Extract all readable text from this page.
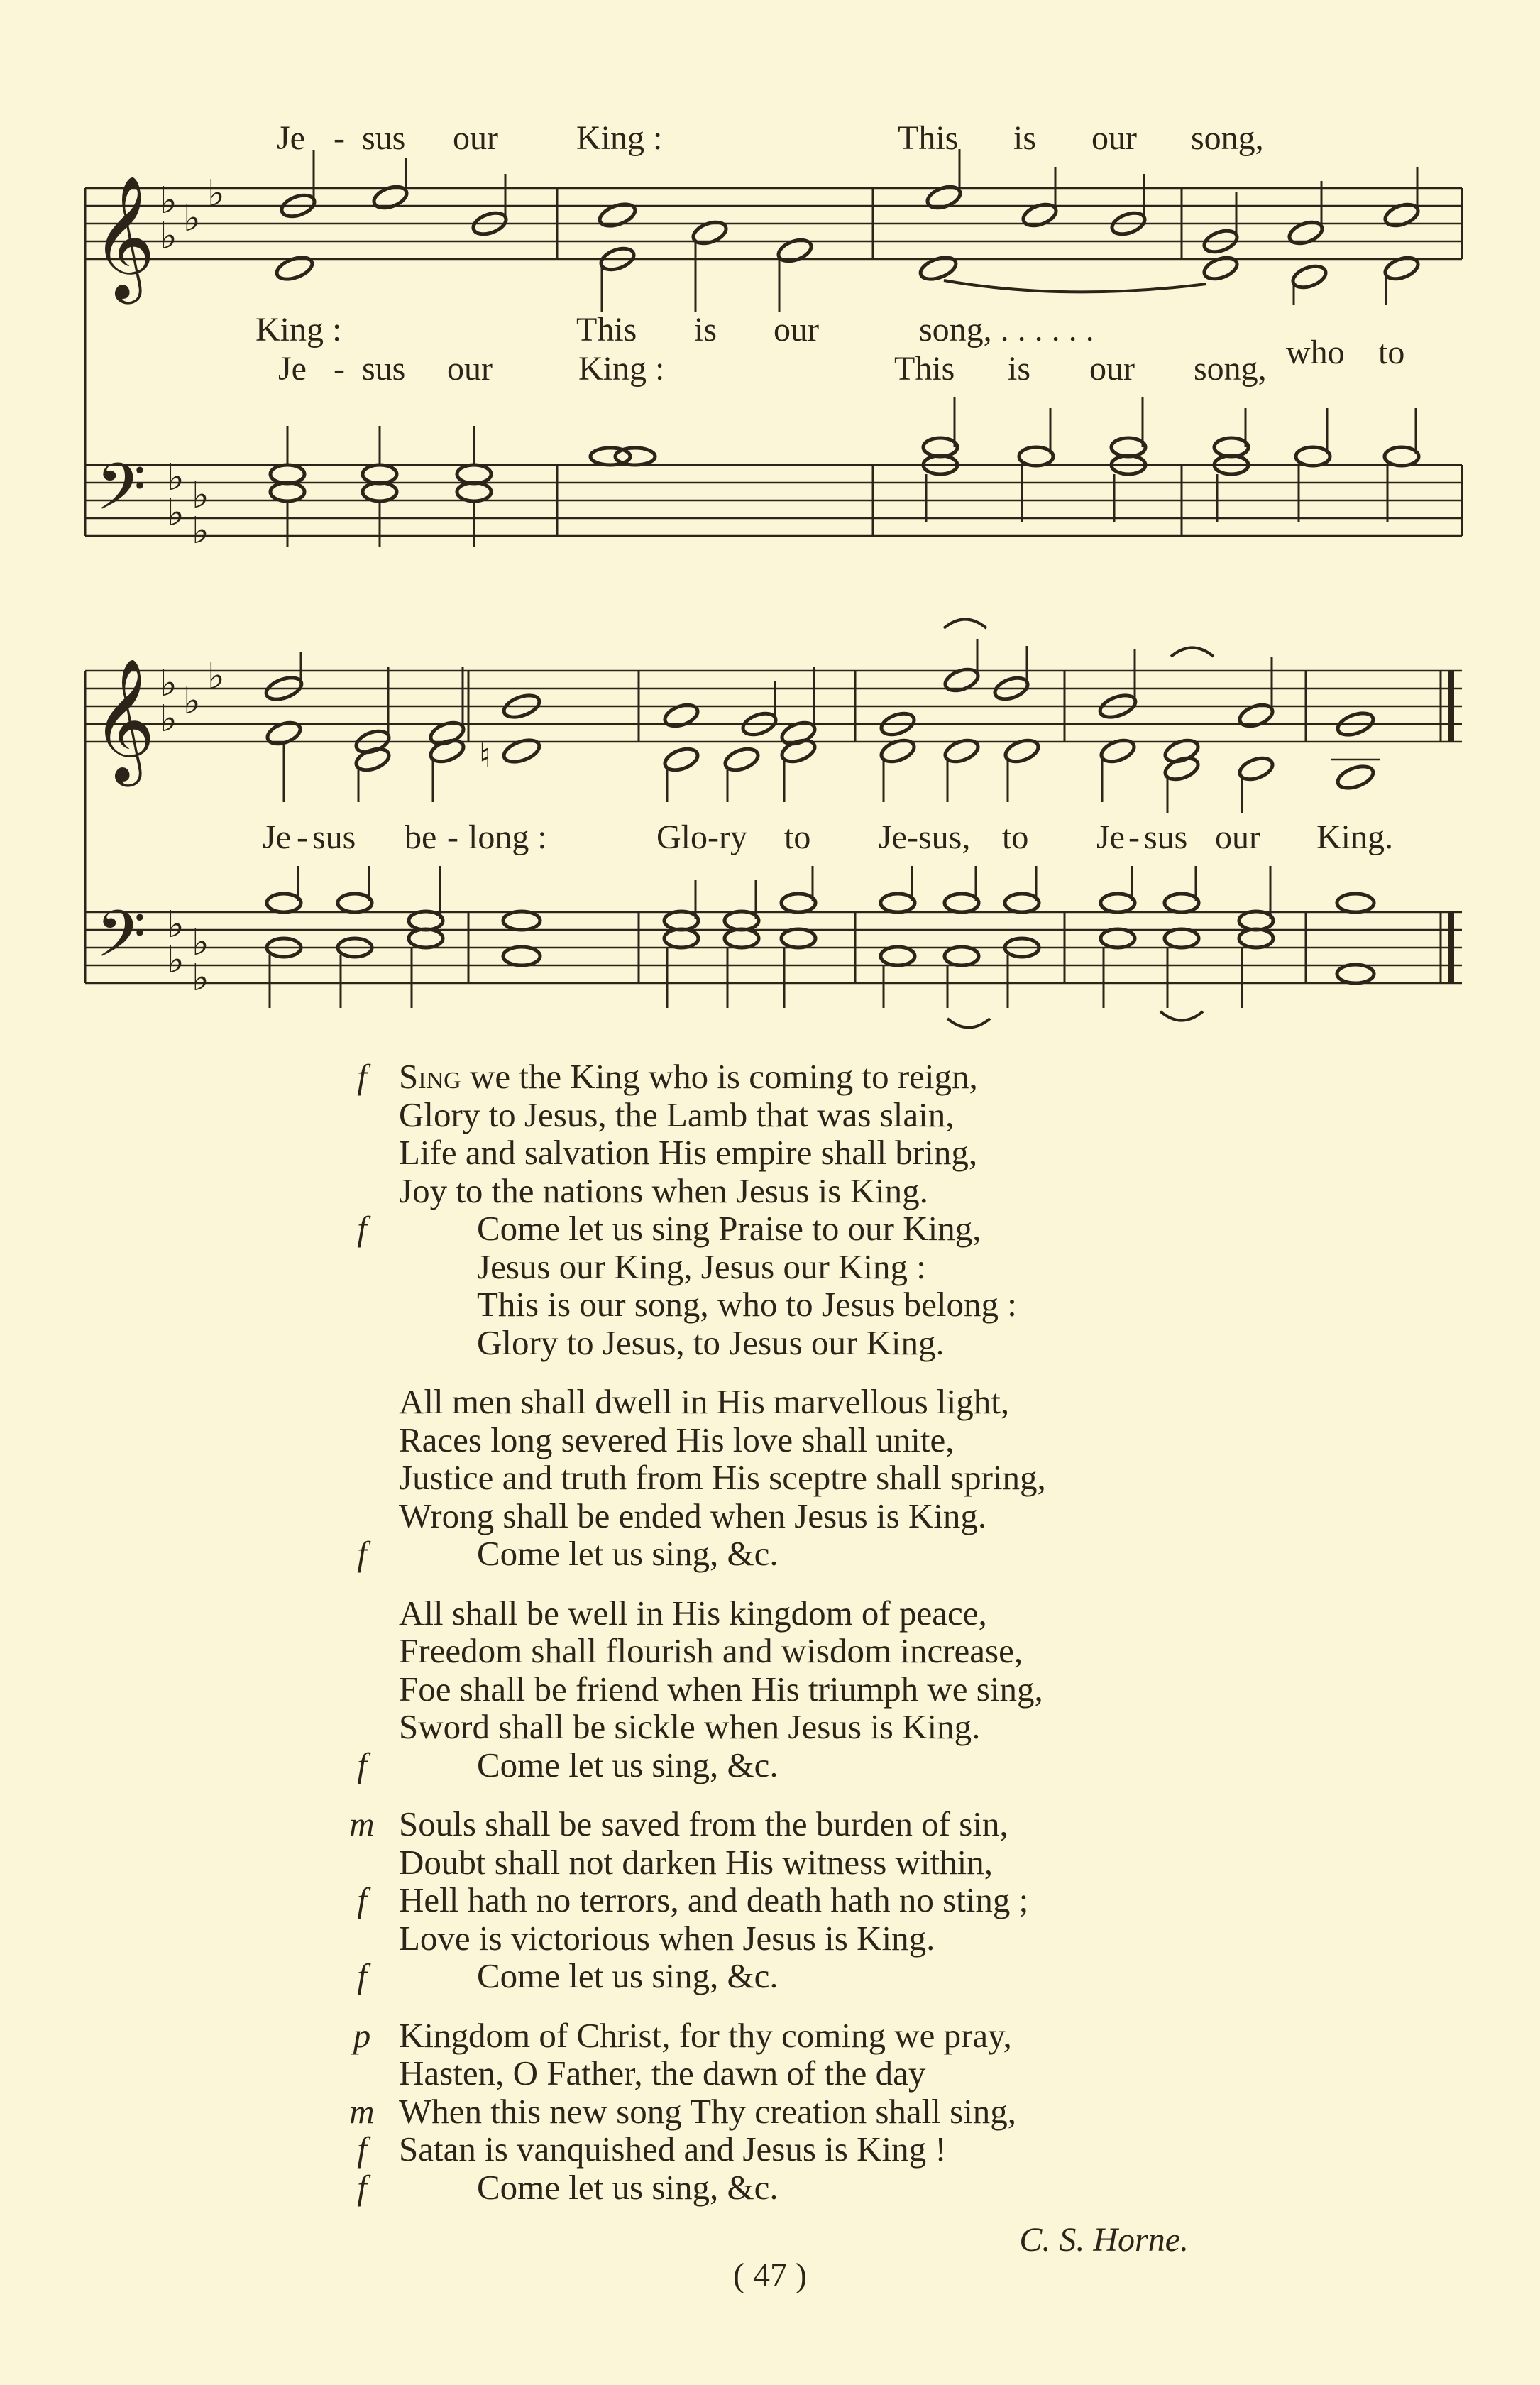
Je - sus our King :	This is our song,
𝄞 ♭ ♭
♭
♭
King :	This is our	song, . . . . . .
who to
Je - sus our	King :	This is our song,
𝄢 ♭ ♭
♭ ♭
𝄞 ♭ ♭
♭
♭
♮
Je - sus be - long :	Glo-ry to Je-sus, to Je - sus our King.
𝄢 ♭ ♭
♭ ♭
f Sing we the King who is coming to reign,
Glory to Jesus, the Lamb that was slain,
Life and salvation His empire shall bring,
Joy to the nations when Jesus is King.
f	Come let us sing Praise to our King,
Jesus our King, Jesus our King :
This is our song, who to Jesus belong :
Glory to Jesus, to Jesus our King.
All men shall dwell in His marvellous light,
Races long severed His love shall unite,
Justice and truth from His sceptre shall spring,
Wrong shall be ended when Jesus is King.
f	Come let us sing, &c.
All shall be well in His kingdom of peace,
Freedom shall flourish and wisdom increase,
Foe shall be friend when His triumph we sing,
Sword shall be sickle when Jesus is King.
f	Come let us sing, &c.
m Souls shall be saved from the burden of sin,
Doubt shall not darken His witness within,
f Hell hath no terrors, and death hath no sting ;
Love is victorious when Jesus is King.
f	Come let us sing, &c.
p Kingdom of Christ, for thy coming we pray,
Hasten, O Father, the dawn of the day
m When this new song Thy creation shall sing,
f Satan is vanquished and Jesus is King !
f	Come let us sing, &c.
C. S. Horne.
( 47 )
